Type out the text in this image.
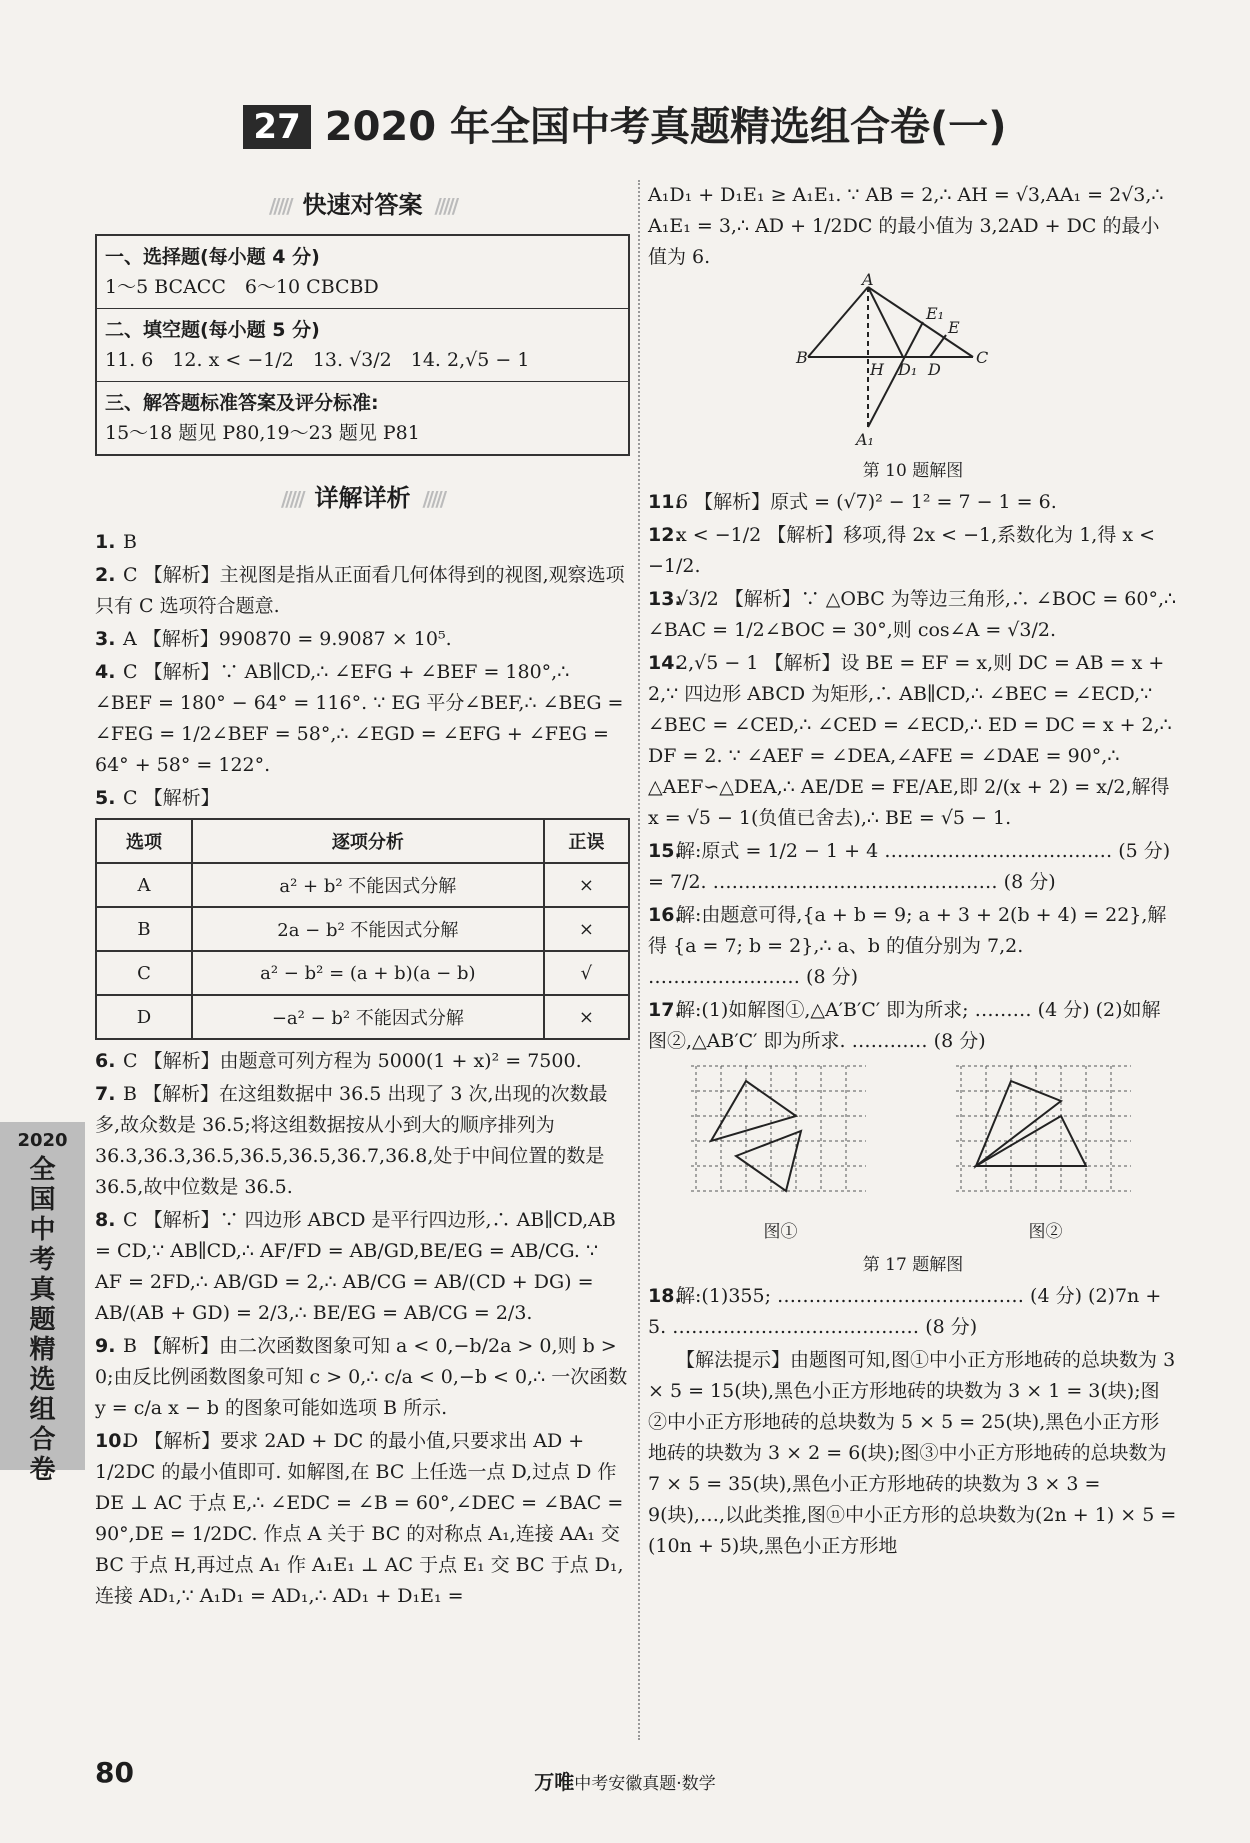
27 2020 年全国中考真题精选组合卷(一)
2020
全国中考真题精选组合卷
///// 快速对答案 /////
一、选择题(每小题 4 分)
1～5 BCACC　6～10 CBCBD
二、填空题(每小题 5 分)
11. 6　12. x < −1/2　13. √3/2　14. 2,√5 − 1
三、解答题标准答案及评分标准:
15～18 题见 P80,19～23 题见 P81
///// 详解详析 /////
1. B
2. C 【解析】主视图是指从正面看几何体得到的视图,观察选项只有 C 选项符合题意.
3. A 【解析】990870 = 9.9087 × 10⁵.
4. C 【解析】∵ AB∥CD,∴ ∠EFG + ∠BEF = 180°,∴ ∠BEF = 180° − 64° = 116°. ∵ EG 平分∠BEF,∴ ∠BEG = ∠FEG = 1/2∠BEF = 58°,∴ ∠EGD = ∠EFG + ∠FEG = 64° + 58° = 122°.
5. C 【解析】
选项	逐项分析	正误
A	a² + b² 不能因式分解	×
B	2a − b² 不能因式分解	×
C	a² − b² = (a + b)(a − b)	√
D	−a² − b² 不能因式分解	×
6. C 【解析】由题意可列方程为 5000(1 + x)² = 7500.
7. B 【解析】在这组数据中 36.5 出现了 3 次,出现的次数最多,故众数是 36.5;将这组数据按从小到大的顺序排列为 36.3,36.3,36.5,36.5,36.5,36.7,36.8,处于中间位置的数是 36.5,故中位数是 36.5.
8. C 【解析】∵ 四边形 ABCD 是平行四边形,∴ AB∥CD,AB = CD,∵ AB∥CD,∴ AF/FD = AB/GD,BE/EG = AB/CG. ∵ AF = 2FD,∴ AB/GD = 2,∴ AB/CG = AB/(CD + DG) = AB/(AB + GD) = 2/3,∴ BE/EG = AB/CG = 2/3.
9. B 【解析】由二次函数图象可知 a < 0,−b/2a > 0,则 b > 0;由反比例函数图象可知 c > 0,∴ c/a < 0,−b < 0,∴ 一次函数 y = c/a x − b 的图象可能如选项 B 所示.
10.D 【解析】要求 2AD + DC 的最小值,只要求出 AD + 1/2DC 的最小值即可. 如解图,在 BC 上任选一点 D,过点 D 作 DE ⊥ AC 于点 E,∴ ∠EDC = ∠B = 60°,∠DEC = ∠BAC = 90°,DE = 1/2DC. 作点 A 关于 BC 的对称点 A₁,连接 AA₁ 交 BC 于点 H,再过点 A₁ 作 A₁E₁ ⊥ AC 于点 E₁ 交 BC 于点 D₁,连接 AD₁,∵ A₁D₁ = AD₁,∴ AD₁ + D₁E₁ =
A₁D₁ + D₁E₁ ≥ A₁E₁. ∵ AB = 2,∴ AH = √3,AA₁ = 2√3,∴ A₁E₁ = 3,∴ AD + 1/2DC 的最小值为 3,2AD + DC 的最小值为 6.
A
E₁
E
B
H D₁ D
C
A₁
第 10 题解图
11.6 【解析】原式 = (√7)² − 1² = 7 − 1 = 6.
12.x < −1/2 【解析】移项,得 2x < −1,系数化为 1,得 x < −1/2.
13.√3/2 【解析】∵ △OBC 为等边三角形,∴ ∠BOC = 60°,∴ ∠BAC = 1/2∠BOC = 30°,则 cos∠A = √3/2.
14.2,√5 − 1 【解析】设 BE = EF = x,则 DC = AB = x + 2,∵ 四边形 ABCD 为矩形,∴ AB∥CD,∴ ∠BEC = ∠ECD,∵ ∠BEC = ∠CED,∴ ∠CED = ∠ECD,∴ ED = DC = x + 2,∴ DF = 2. ∵ ∠AEF = ∠DEA,∠AFE = ∠DAE = 90°,∴ △AEF∽△DEA,∴ AE/DE = FE/AE,即 2/(x + 2) = x/2,解得 x = √5 − 1(负值已舍去),∴ BE = √5 − 1.
15.解:原式 = 1/2 − 1 + 4 ……………………………… (5 分) = 7/2. ……………………………………… (8 分)
16.解:由题意可得,{a + b = 9; a + 3 + 2(b + 4) = 22},解得 {a = 7; b = 2},∴ a、b 的值分别为 7,2. …………………… (8 分)
17.解:(1)如解图①,△A′B′C′ 即为所求; ……… (4 分) (2)如解图②,△AB′C′ 即为所求. ………… (8 分)
图①	图②
第 17 题解图
18.解:(1)355; ………………………………… (4 分) (2)7n + 5. ………………………………… (8 分)
【解法提示】由题图可知,图①中小正方形地砖的总块数为 3 × 5 = 15(块),黑色小正方形地砖的块数为 3 × 1 = 3(块);图②中小正方形地砖的总块数为 5 × 5 = 25(块),黑色小正方形地砖的块数为 3 × 2 = 6(块);图③中小正方形地砖的总块数为 7 × 5 = 35(块),黑色小正方形地砖的块数为 3 × 3 = 9(块),…,以此类推,图ⓝ中小正方形的总块数为(2n + 1) × 5 = (10n + 5)块,黑色小正方形地
80	万唯中考安徽真题·数学
